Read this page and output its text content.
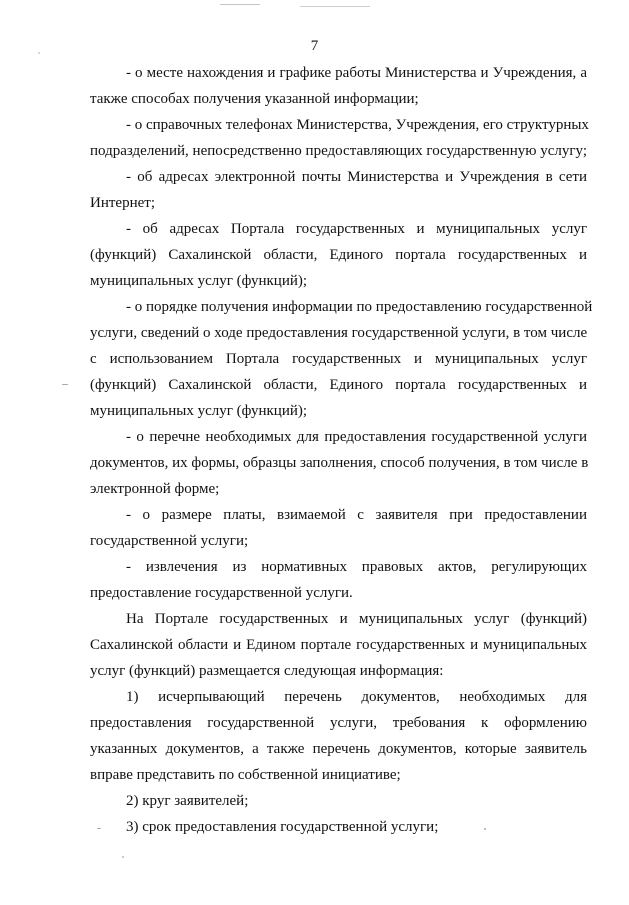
7
- о месте нахождения и графике работы Министерства и Учреждения, а
также способах получения указанной информации;
- о справочных телефонах Министерства, Учреждения, его структурных
подразделений, непосредственно предоставляющих государственную услугу;
- об адресах электронной почты Министерства и Учреждения в сети
Интернет;
- об адресах Портала государственных и муниципальных услуг
(функций) Сахалинской области, Единого портала государственных и
муниципальных услуг (функций);
- о порядке получения информации по предоставлению государственной
услуги, сведений о ходе предоставления государственной услуги, в том числе
с использованием Портала государственных и муниципальных услуг
(функций) Сахалинской области, Единого портала государственных и
муниципальных услуг (функций);
- о перечне необходимых для предоставления государственной услуги
документов, их формы, образцы заполнения, способ получения, в том числе в
электронной форме;
- о размере платы, взимаемой с заявителя при предоставлении
государственной услуги;
- извлечения из нормативных правовых актов, регулирующих
предоставление государственной услуги.
На Портале государственных и муниципальных услуг (функций)
Сахалинской области и Едином портале государственных и муниципальных
услуг (функций) размещается следующая информация:
1) исчерпывающий перечень документов, необходимых для
предоставления государственной услуги, требования к оформлению
указанных документов, а также перечень документов, которые заявитель
вправе представить по собственной инициативе;
2) круг заявителей;
3) срок предоставления государственной услуги;
